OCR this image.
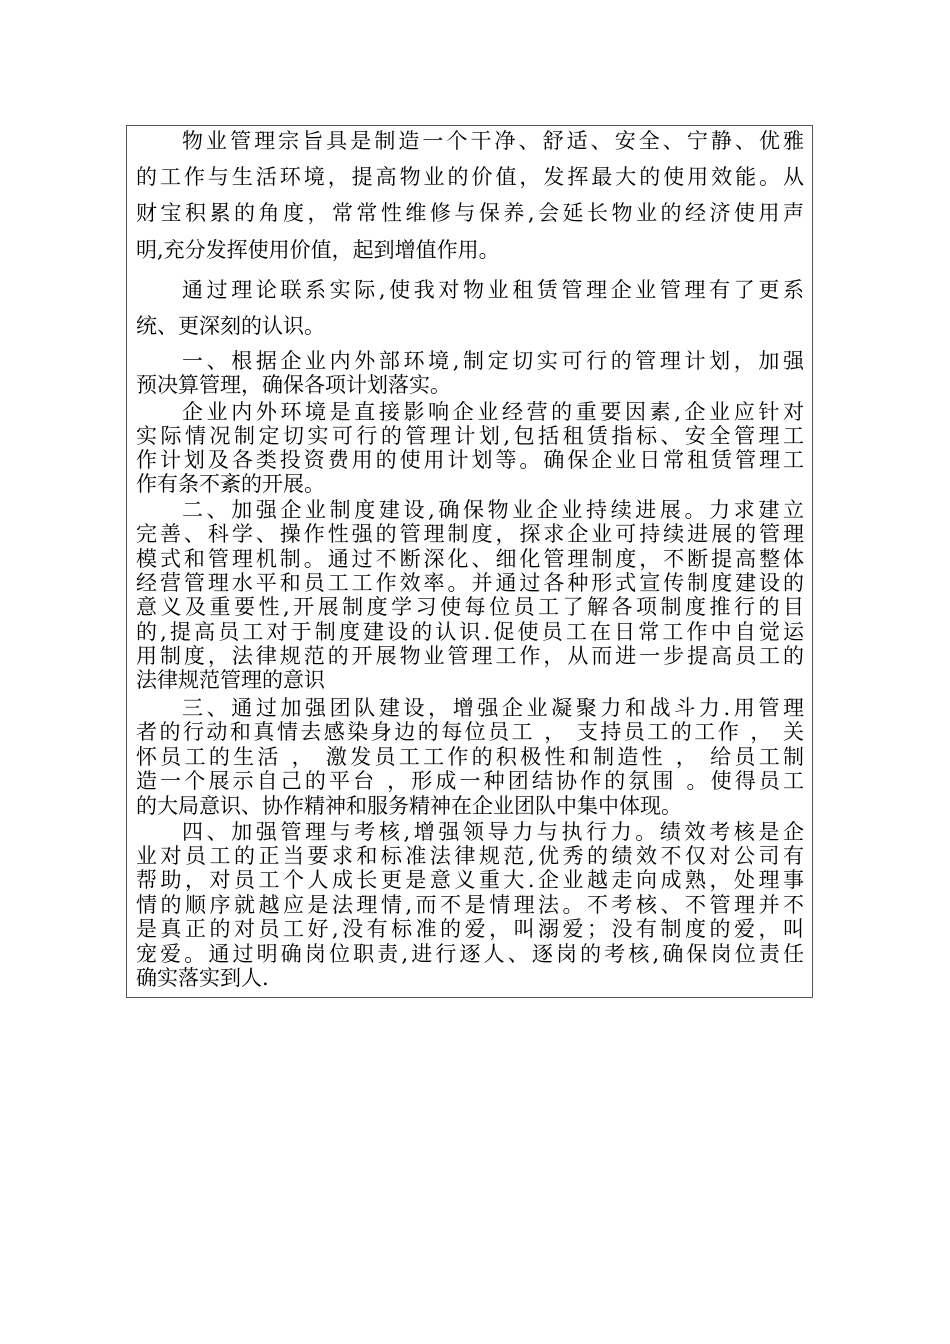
物业管理宗旨具是制造一个干净、舒适、安全、宁静、优雅

的工作与生活环境，提高物业的价值，发挥最大的使用效能。从

财宝积累的角度，常常性维修与保养,会延长物业的经济使用声

明,充分发挥使用价值，起到增值作用。

通过理论联系实际,使我对物业租赁管理企业管理有了更系

统、更深刻的认识。

一、根据企业内外部环境,制定切实可行的管理计划，加强

预决算管理，确保各项计划落实。

企业内外环境是直接影响企业经营的重要因素,企业应针对

实际情况制定切实可行的管理计划,包括租赁指标、安全管理工

作计划及各类投资费用的使用计划等。确保企业日常租赁管理工

作有条不紊的开展。

二、加强企业制度建设,确保物业企业持续进展。力求建立

完善、科学、操作性强的管理制度，探求企业可持续进展的管理

模式和管理机制。通过不断深化、细化管理制度，不断提高整体

经营管理水平和员工工作效率。并通过各种形式宣传制度建设的

意义及重要性,开展制度学习使每位员工了解各项制度推行的目

的,提高员工对于制度建设的认识.促使员工在日常工作中自觉运

用制度，法律规范的开展物业管理工作，从而进一步提高员工的

法律规范管理的意识

三、通过加强团队建设，增强企业凝聚力和战斗力.用管理

者的行动和真情去感染身边的每位员工 ， 支持员工的工作 ， 关

怀员工的生活 ， 激发员工工作的积极性和制造性 ， 给员工制

造一个展示自己的平台 ，形成一种团结协作的氛围 。使得员工

的大局意识、协作精神和服务精神在企业团队中集中体现。

四、加强管理与考核,增强领导力与执行力。绩效考核是企

业对员工的正当要求和标准法律规范,优秀的绩效不仅对公司有

帮助，对员工个人成长更是意义重大.企业越走向成熟，处理事

情的顺序就越应是法理情,而不是情理法。不考核、不管理并不

是真正的对员工好,没有标准的爱，叫溺爱；没有制度的爱，叫

宠爱。通过明确岗位职责,进行逐人、逐岗的考核,确保岗位责任

确实落实到人.
